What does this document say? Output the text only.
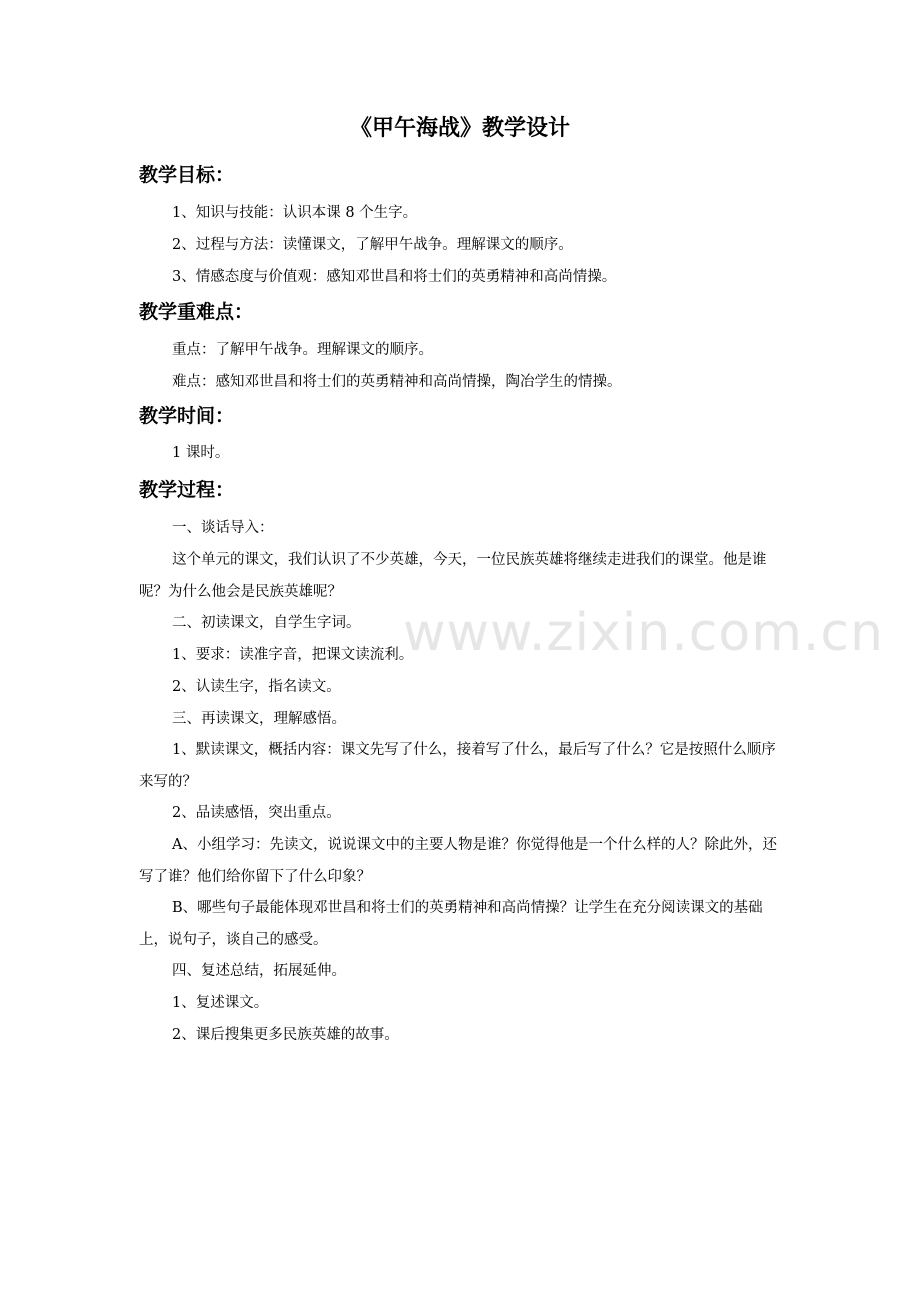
www.zixin.com.cn
《甲午海战》教学设计
教学目标：

1、知识与技能：认识本课 8 个生字。

2、过程与方法：读懂课文，了解甲午战争。理解课文的顺序。

3、情感态度与价值观：感知邓世昌和将士们的英勇精神和高尚情操。

教学重难点：

重点：了解甲午战争。理解课文的顺序。

难点：感知邓世昌和将士们的英勇精神和高尚情操，陶冶学生的情操。

教学时间：

1 课时。

教学过程：

一、谈话导入：

这个单元的课文，我们认识了不少英雄，今天，一位民族英雄将继续走进我们的课堂。他是谁呢？为什么他会是民族英雄呢？

二、初读课文，自学生字词。

1、要求：读准字音，把课文读流利。

2、认读生字，指名读文。

三、再读课文，理解感悟。

1、默读课文，概括内容：课文先写了什么，接着写了什么，最后写了什么？它是按照什么顺序来写的？

2、品读感悟，突出重点。

A、小组学习：先读文，说说课文中的主要人物是谁？你觉得他是一个什么样的人？除此外，还写了谁？他们给你留下了什么印象？

B、哪些句子最能体现邓世昌和将士们的英勇精神和高尚情操？让学生在充分阅读课文的基础上，说句子，谈自己的感受。

四、复述总结，拓展延伸。

1、复述课文。

2、课后搜集更多民族英雄的故事。
